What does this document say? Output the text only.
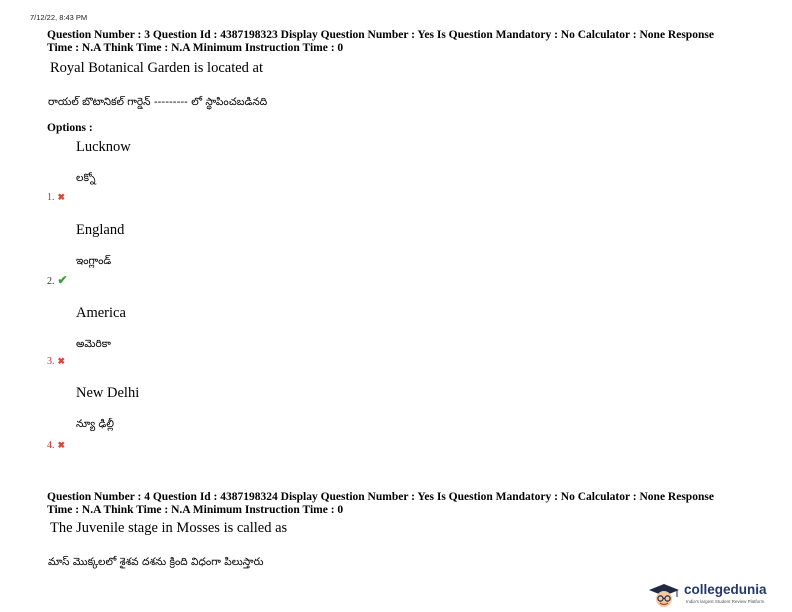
7/12/22, 8:43 PM
Question Number : 3 Question Id : 4387198323 Display Question Number : Yes Is Question Mandatory : No Calculator : None Response
Time : N.A Think Time : N.A Minimum Instruction Time : 0
Royal Botanical Garden is located at
రాయల్ బొటానికల్ గార్డెన్ --------- లో స్థాపించబడినది
Options :
Lucknow
లక్నో
1. ✖
England
ఇంగ్లాండ్
2. ✔
America
అమెరికా
3. ✖
New Delhi
న్యూ ఢిల్లీ
4. ✖
Question Number : 4 Question Id : 4387198324 Display Question Number : Yes Is Question Mandatory : No Calculator : None Response
Time : N.A Think Time : N.A Minimum Instruction Time : 0
The Juvenile stage in Mosses is called as
మాస్ మొక్కలలో శైశవ దశను క్రింది విధంగా పిలుస్తారు
collegedunia
India's largest Student Review Platform
